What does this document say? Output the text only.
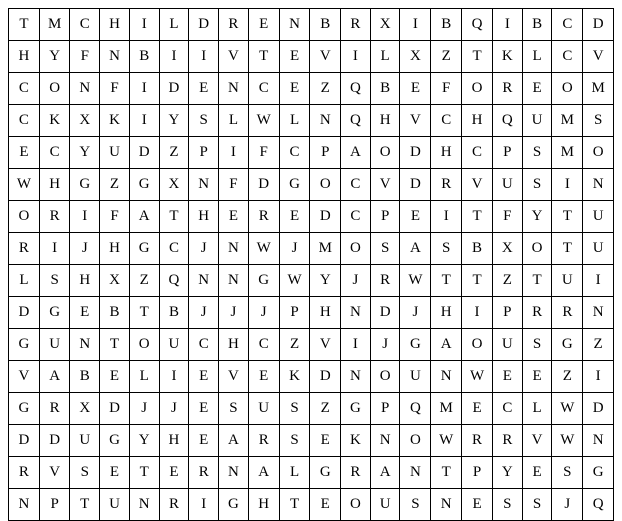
T	M	C	H	I	L	D	R	E	N	B	R	X	I	B	Q	I	B	C	D
H	Y	F	N	B	I	I	V	T	E	V	I	L	X	Z	T	K	L	C	V
C	O	N	F	I	D	E	N	C	E	Z	Q	B	E	F	O	R	E	O	M
C	K	X	K	I	Y	S	L	W	L	N	Q	H	V	C	H	Q	U	M	S
E	C	Y	U	D	Z	P	I	F	C	P	A	O	D	H	C	P	S	M	O
W	H	G	Z	G	X	N	F	D	G	O	C	V	D	R	V	U	S	I	N
O	R	I	F	A	T	H	E	R	E	D	C	P	E	I	T	F	Y	T	U
R	I	J	H	G	C	J	N	W	J	M	O	S	A	S	B	X	O	T	U
L	S	H	X	Z	Q	N	N	G	W	Y	J	R	W	T	T	Z	T	U	I
D	G	E	B	T	B	J	J	J	P	H	N	D	J	H	I	P	R	R	N
G	U	N	T	O	U	C	H	C	Z	V	I	J	G	A	O	U	S	G	Z
V	A	B	E	L	I	E	V	E	K	D	N	O	U	N	W	E	E	Z	I
G	R	X	D	J	J	E	S	U	S	Z	G	P	Q	M	E	C	L	W	D
D	D	U	G	Y	H	E	A	R	S	E	K	N	O	W	R	R	V	W	N
R	V	S	E	T	E	R	N	A	L	G	R	A	N	T	P	Y	E	S	G
N	P	T	U	N	R	I	G	H	T	E	O	U	S	N	E	S	S	J	Q
